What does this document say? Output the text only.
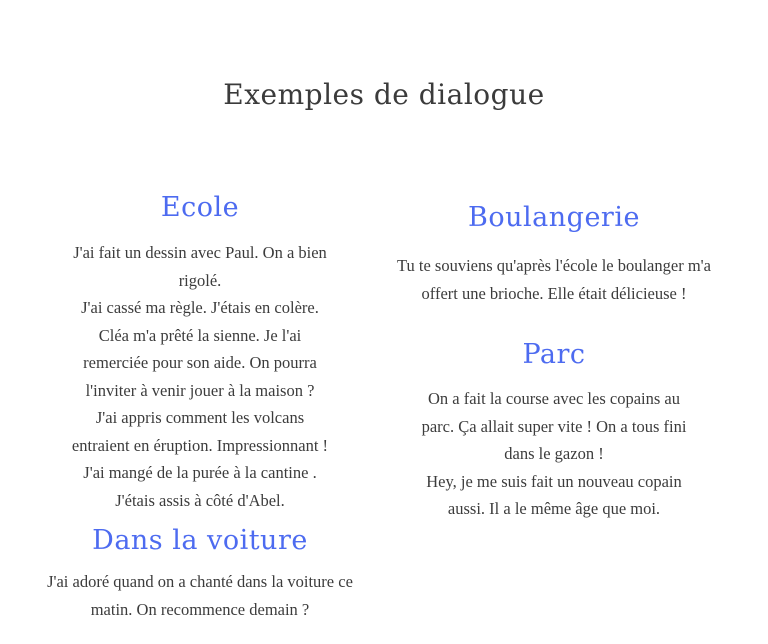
Exemples de dialogue
Ecole
J'ai fait un dessin avec Paul. On a bien
rigolé.
J'ai cassé ma règle. J'étais en colère.
Cléa m'a prêté la sienne. Je l'ai
remerciée pour son aide. On pourra
l'inviter à venir jouer à la maison ?
J'ai appris comment les volcans
entraient en éruption. Impressionnant !
J'ai mangé de la purée à la cantine .
J'étais assis à côté d'Abel.
Dans la voiture
J'ai adoré quand on a chanté dans la voiture ce
matin. On recommence demain ?
Boulangerie
Tu te souviens qu'après l'école le boulanger m'a
offert une brioche. Elle était délicieuse !
Parc
On a fait la course avec les copains au
parc. Ça allait super vite ! On a tous fini
dans le gazon !
Hey, je me suis fait un nouveau copain
aussi. Il a le même âge que moi.
